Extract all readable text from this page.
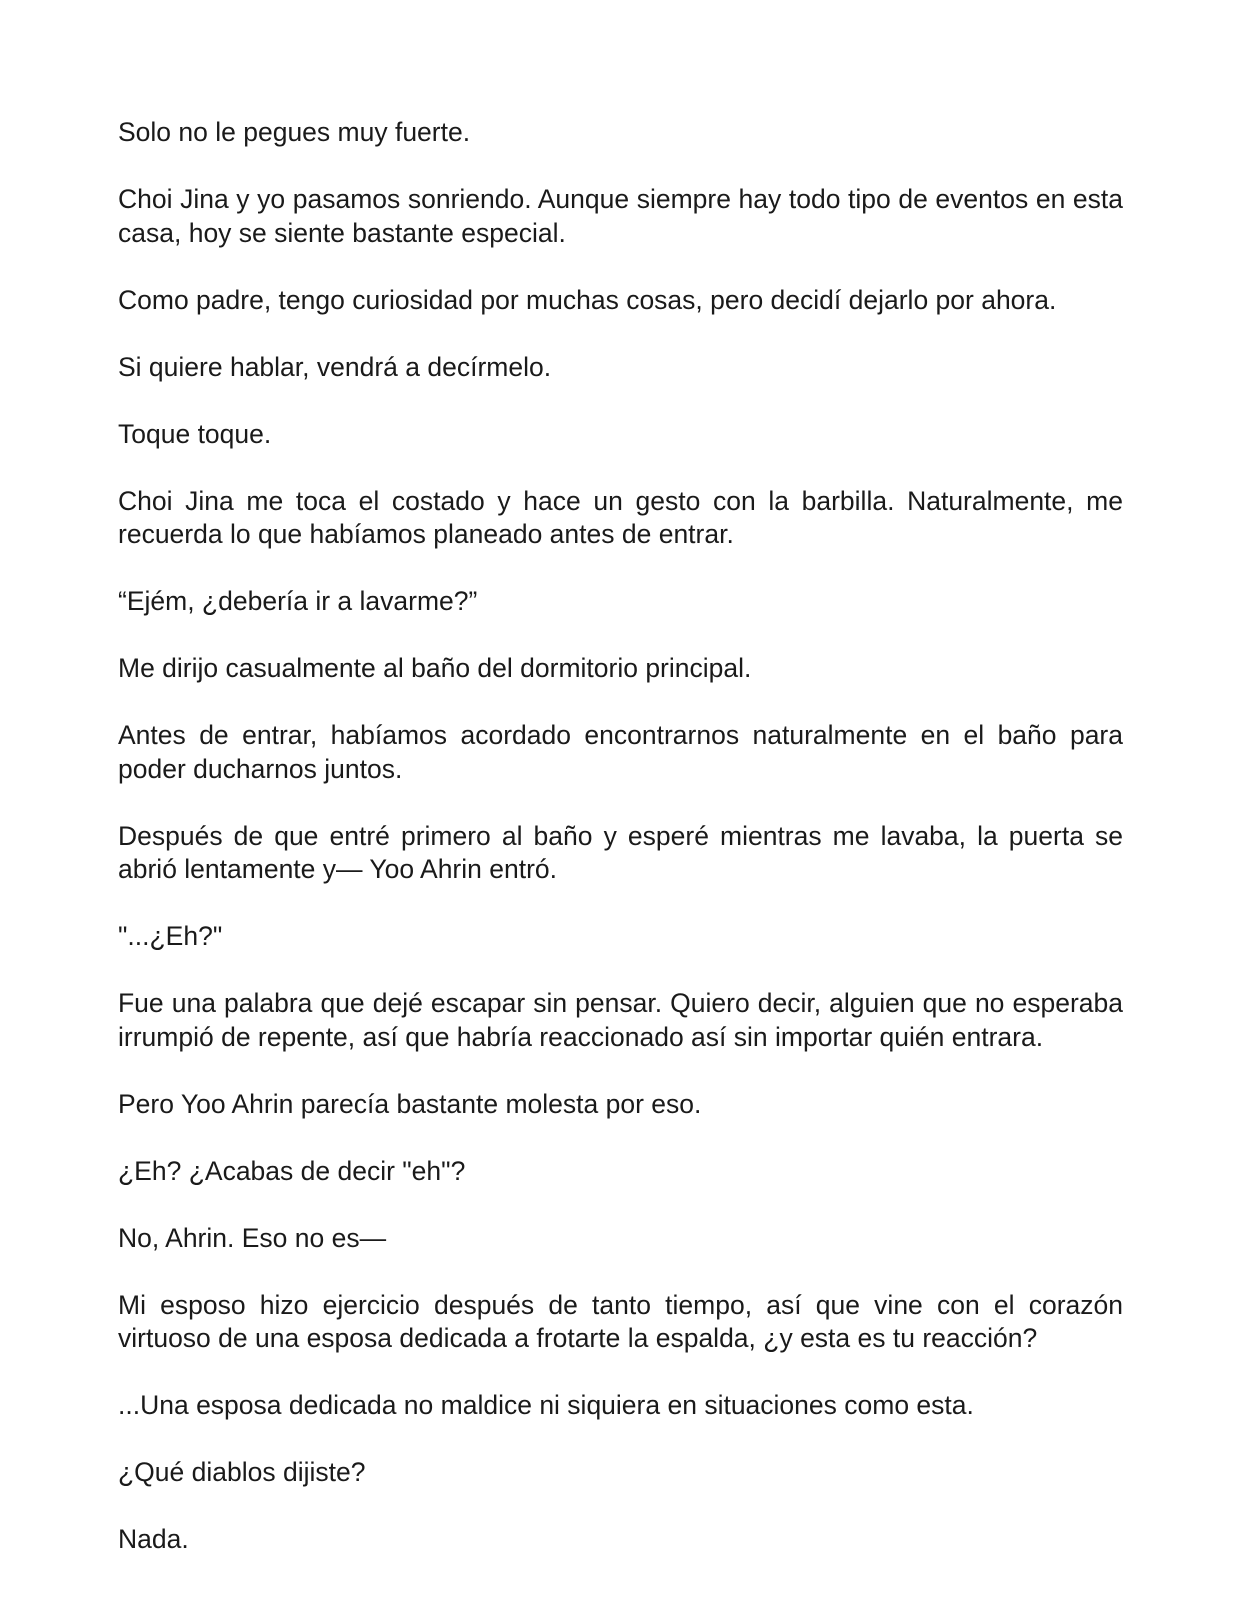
Solo no le pegues muy fuerte.

Choi Jina y yo pasamos sonriendo. Aunque siempre hay todo tipo de eventos en esta casa, hoy se siente bastante especial.

Como padre, tengo curiosidad por muchas cosas, pero decidí dejarlo por ahora.

Si quiere hablar, vendrá a decírmelo.

Toque toque.

Choi Jina me toca el costado y hace un gesto con la barbilla. Naturalmente, me recuerda lo que habíamos planeado antes de entrar.

“Ejém, ¿debería ir a lavarme?”

Me dirijo casualmente al baño del dormitorio principal.

Antes de entrar, habíamos acordado encontrarnos naturalmente en el baño para poder ducharnos juntos.

Después de que entré primero al baño y esperé mientras me lavaba, la puerta se abrió lentamente y— Yoo Ahrin entró.

"...¿Eh?"

Fue una palabra que dejé escapar sin pensar. Quiero decir, alguien que no esperaba irrumpió de repente, así que habría reaccionado así sin importar quién entrara.

Pero Yoo Ahrin parecía bastante molesta por eso.

¿Eh? ¿Acabas de decir "eh"?

No, Ahrin. Eso no es—

Mi esposo hizo ejercicio después de tanto tiempo, así que vine con el corazón virtuoso de una esposa dedicada a frotarte la espalda, ¿y esta es tu reacción?

...Una esposa dedicada no maldice ni siquiera en situaciones como esta.

¿Qué diablos dijiste?

Nada.
